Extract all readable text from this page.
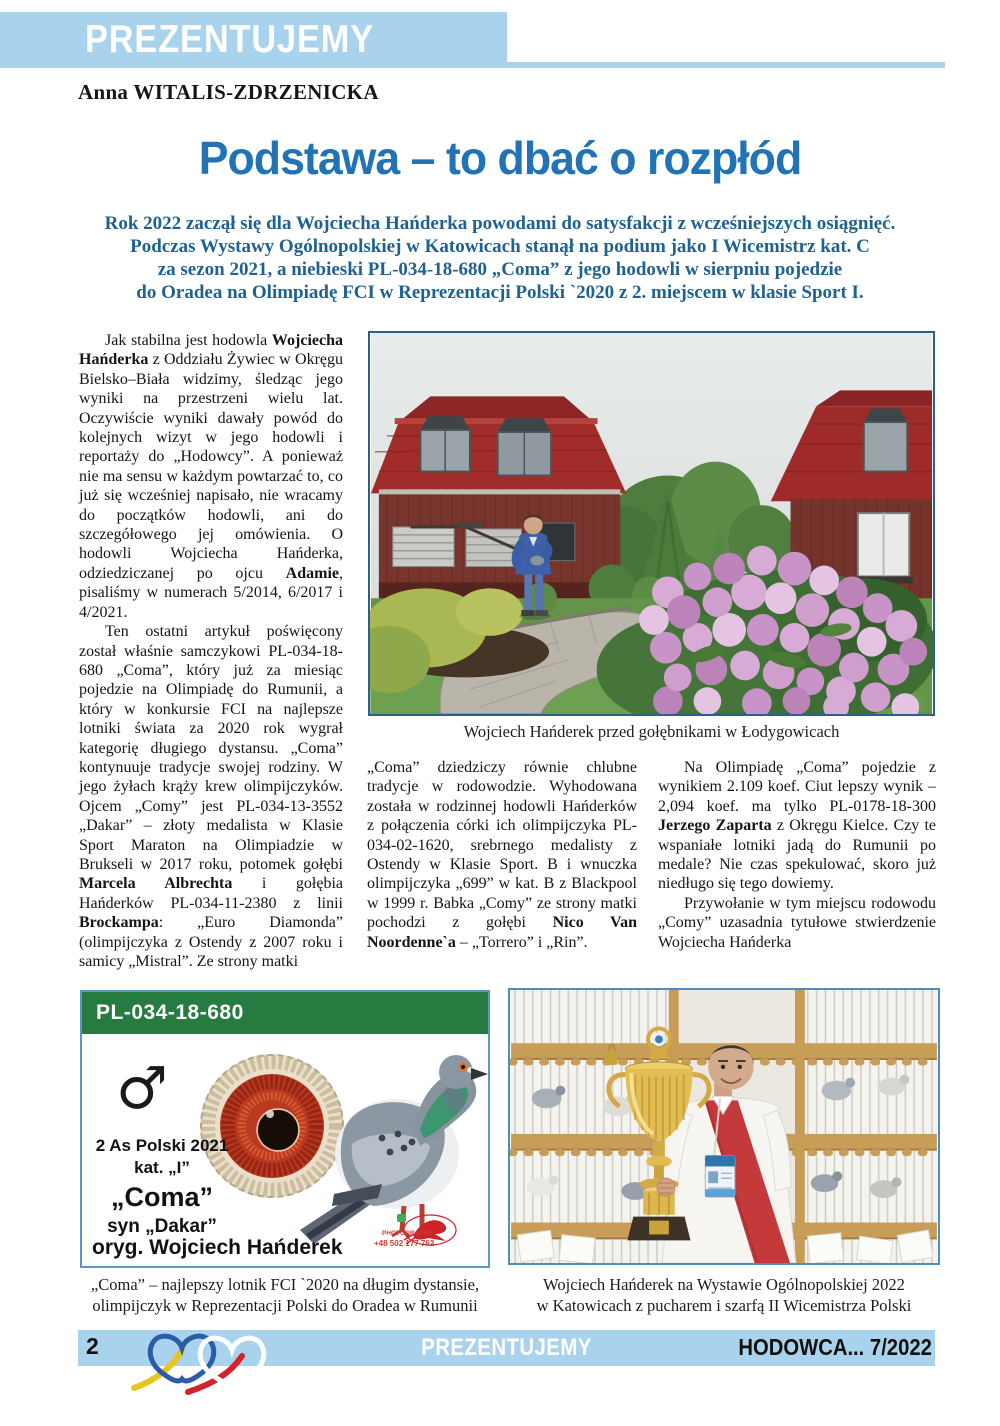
PREZENTUJEMY
Anna WITALIS-ZDRZENICKA
Podstawa – to dbać o rozpłód
Rok 2022 zaczął się dla Wojciecha Hańderka powodami do satysfakcji z wcześniejszych osiągnięć.
Podczas Wystawy Ogólnopolskiej w Katowicach stanął na podium jako I Wicemistrz kat. C
za sezon 2021, a niebieski PL-034-18-680 „Coma” z jego hodowli w sierpniu pojedzie
do Oradea na Olimpiadę FCI w Reprezentacji Polski `2020 z 2. miejscem w klasie Sport I.

Jak stabilna jest hodowla Wojciecha Hańderka z Oddziału Żywiec w Okręgu Bielsko–Biała widzimy, śledząc jego wyniki na przestrzeni wielu lat. Oczywiście wyniki dawały powód do kolejnych wizyt w jego hodowli i reportaży do „Hodowcy”. A ponieważ nie ma sensu w każdym powtarzać to, co już się wcześniej napisało, nie wracamy do początków hodowli, ani do szczegółowego jej omówienia. O hodowli Wojciecha Hańderka, odziedziczanej po ojcu Adamie, pisaliśmy w numerach 5/2014, 6/2017 i 4/2021.

Ten ostatni artykuł poświęcony został właśnie samczykowi PL-034-18-680 „Coma”, który już za miesiąc pojedzie na Olimpiadę do Rumunii, a który w konkursie FCI na najlepsze lotniki świata za 2020 rok wygrał kategorię długiego dystansu. „Coma” kontynuuje tradycje swojej rodziny. W jego żyłach krąży krew olimpijczyków. Ojcem „Comy” jest PL-034-13-3552 „Dakar” – złoty medalista w Klasie Sport Maraton na Olimpiadzie w Brukseli w 2017 roku, potomek gołębi Marcela Albrechta i gołębia Hańderków PL-034-11-2380 z linii Brockampa: „Euro Diamonda” (olimpijczyka z Ostendy z 2007 roku i samicy „Mistral”. Ze strony matki

„Coma” dziedziczy równie chlubne tradycje w rodowodzie. Wyhodowana została w rodzinnej hodowli Hańderków z połączenia córki ich olimpijczyka PL-034-02-1620, srebrnego medalisty z Ostendy w Klasie Sport. B i wnuczka olimpijczyka „699” w kat. B z Blackpool w 1999 r. Babka „Comy” ze strony matki pochodzi z gołębi Nico Van Noordenne`a – „Torrero” i „Rin”.

Na Olimpiadę „Coma” pojedzie z wynikiem 2.109 koef. Ciut lepszy wynik – 2,094 koef. ma tylko PL-0178-18-300 Jerzego Zaparta z Okręgu Kielce. Czy te wspaniałe lotniki jadą do Rumunii po medale? Nie czas spekulować, skoro już niedługo się tego dowiemy.

Przywołanie w tym miejscu rodowodu „Comy” uzasadnia tytułowe stwierdzenie Wojciecha Hańderka

Wojciech Hańderek przed gołębnikami w Łodygowicach
PL-034-18-680
♂
2 As Polski 2021
kat. „I”
„Coma”
syn „Dakar”
oryg. Wojciech Hańderek
PHOTOGRAPHY
+48 502 177 762
„Coma” – najlepszy lotnik FCI `2020 na długim dystansie,
olimpijczyk w Reprezentacji Polski do Oradea w Rumunii
Wojciech Hańderek na Wystawie Ogólnopolskiej 2022
w Katowicach z pucharem i szarfą II Wicemistrza Polski
2	PREZENTUJEMY	HODOWCA... 7/2022
